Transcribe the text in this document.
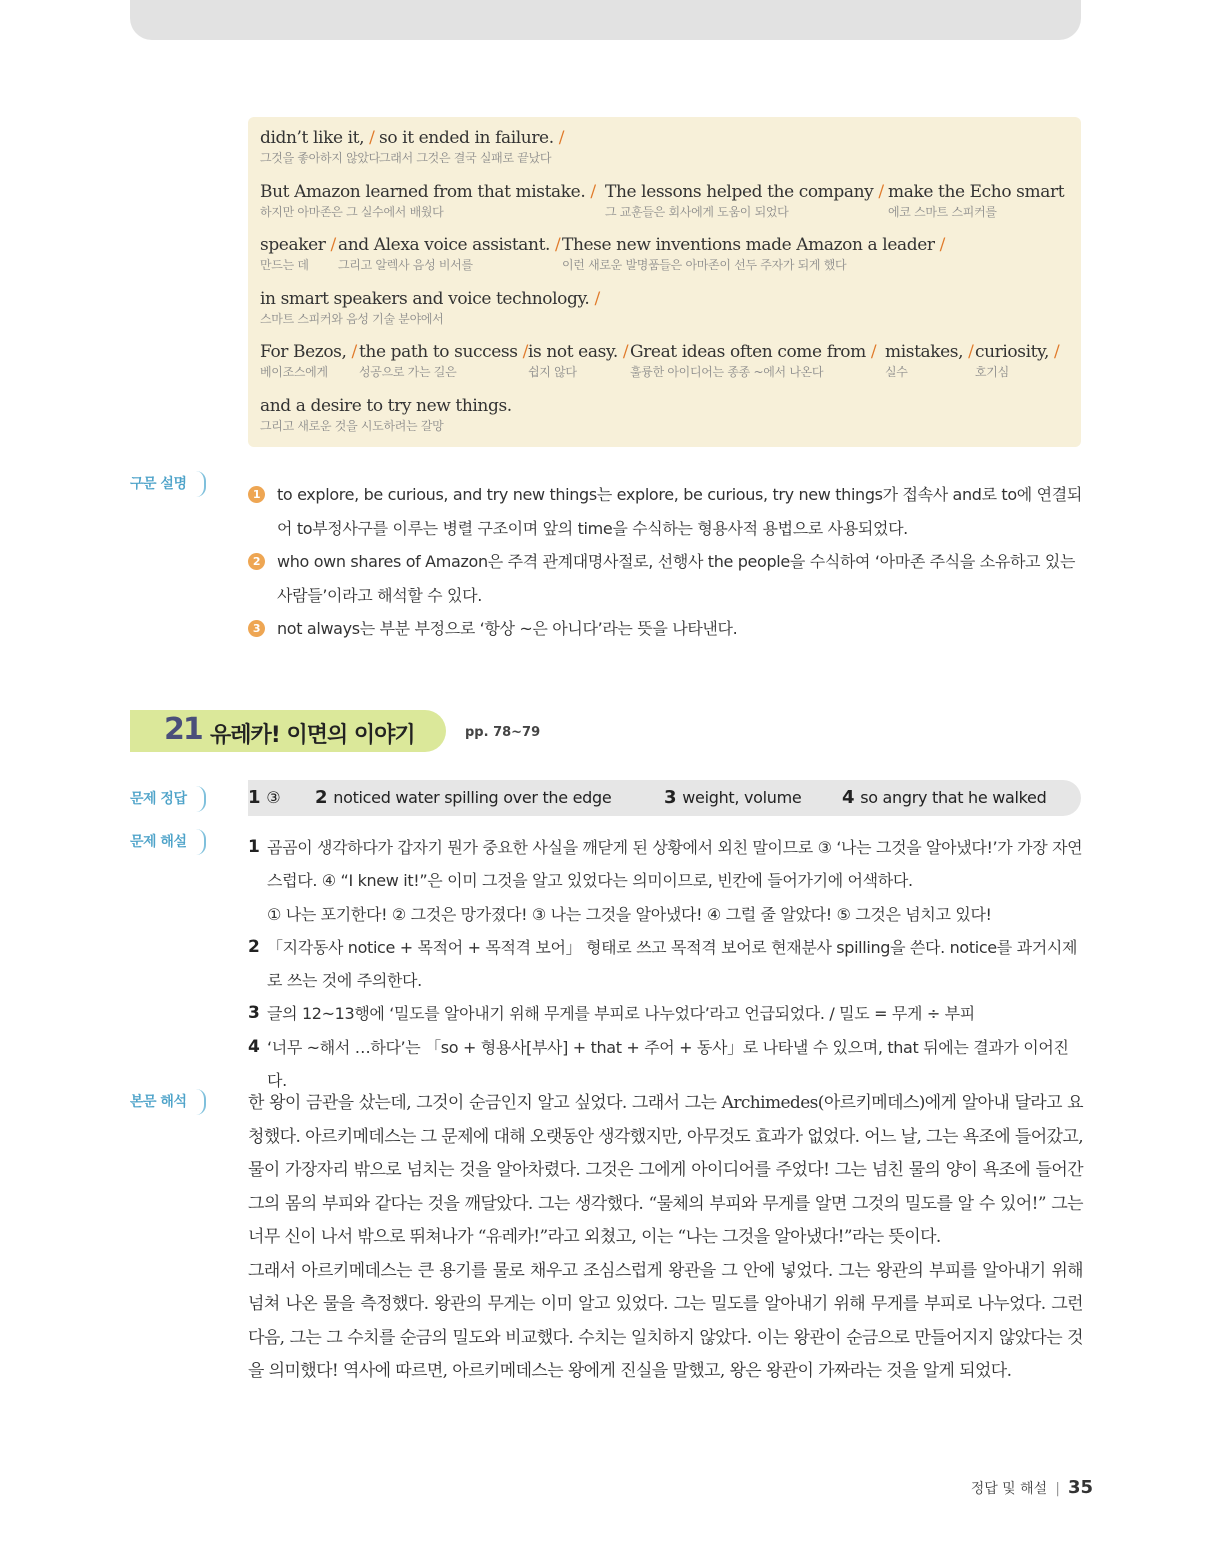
didn’t like it, /
그것을 좋아하지 않았다
so it ended in failure. /
그래서 그것은 결국 실패로 끝났다
But Amazon learned from that mistake. /
하지만 아마존은 그 실수에서 배웠다
The lessons helped the company /
그 교훈들은 회사에게 도움이 되었다
make the Echo smart
에코 스마트 스피커를
speaker /
만드는 데
and Alexa voice assistant. /
그리고 알렉사 음성 비서를
These new inventions made Amazon a leader /
이런 새로운 발명품들은 아마존이 선두 주자가 되게 했다
in smart speakers and voice technology. /
스마트 스피커와 음성 기술 분야에서
For Bezos, /
베이조스에게
the path to success /
성공으로 가는 길은
is not easy. /
쉽지 않다
Great ideas often come from /
훌륭한 아이디어는 종종 ~에서 나온다
mistakes, /
실수
curiosity, /
호기심
and a desire to try new things.
그리고 새로운 것을 시도하려는 갈망
구문 설명
1	to explore, be curious, and try new things는 explore, be curious, try new things가 접속사 and로 to에 연결되어 to부정사구를 이루는 병렬 구조이며 앞의 time을 수식하는 형용사적 용법으로 사용되었다.
2	who own shares of Amazon은 주격 관계대명사절로, 선행사 the people을 수식하여 ‘아마존 주식을 소유하고 있는 사람들’이라고 해석할 수 있다.
3	not always는 부분 부정으로 ‘항상 ~은 아니다’라는 뜻을 나타낸다.
21 유레카! 이면의 이야기	pp. 78~79
문제 정답	1 ③ 2 noticed water spilling over the edge	3 weight, volume 4 so angry that he walked
문제 해설	1 곰곰이 생각하다가 갑자기 뭔가 중요한 사실을 깨닫게 된 상황에서 외친 말이므로 ③ ‘나는 그것을 알아냈다!’가 가장 자연스럽다. ④ “I knew it!”은 이미 그것을 알고 있었다는 의미이므로, 빈칸에 들어가기에 어색하다.
① 나는 포기한다! ② 그것은 망가졌다! ③ 나는 그것을 알아냈다! ④ 그럴 줄 알았다! ⑤ 그것은 넘치고 있다!
2 「지각동사 notice + 목적어 + 목적격 보어」 형태로 쓰고 목적격 보어로 현재분사 spilling을 쓴다. notice를 과거시제로 쓰는 것에 주의한다.
3 글의 12~13행에 ‘밀도를 알아내기 위해 무게를 부피로 나누었다’라고 언급되었다. / 밀도 = 무게 ÷ 부피
4 ‘너무 ~해서 …하다’는 「so + 형용사[부사] + that + 주어 + 동사」로 나타낼 수 있으며, that 뒤에는 결과가 이어진다.
본문 해석	한 왕이 금관을 샀는데, 그것이 순금인지 알고 싶었다. 그래서 그는 Archimedes(아르키메데스)에게 알아내 달라고 요청했다. 아르키메데스는 그 문제에 대해 오랫동안 생각했지만, 아무것도 효과가 없었다. 어느 날, 그는 욕조에 들어갔고, 물이 가장자리 밖으로 넘치는 것을 알아차렸다. 그것은 그에게 아이디어를 주었다! 그는 넘친 물의 양이 욕조에 들어간 그의 몸의 부피와 같다는 것을 깨달았다. 그는 생각했다. “물체의 부피와 무게를 알면 그것의 밀도를 알 수 있어!” 그는 너무 신이 나서 밖으로 뛰쳐나가 “유레카!”라고 외쳤고, 이는 “나는 그것을 알아냈다!”라는 뜻이다.

그래서 아르키메데스는 큰 용기를 물로 채우고 조심스럽게 왕관을 그 안에 넣었다. 그는 왕관의 부피를 알아내기 위해 넘쳐 나온 물을 측정했다. 왕관의 무게는 이미 알고 있었다. 그는 밀도를 알아내기 위해 무게를 부피로 나누었다. 그런 다음, 그는 그 수치를 순금의 밀도와 비교했다. 수치는 일치하지 않았다. 이는 왕관이 순금으로 만들어지지 않았다는 것을 의미했다! 역사에 따르면, 아르키메데스는 왕에게 진실을 말했고, 왕은 왕관이 가짜라는 것을 알게 되었다.

정답 및 해설 | 35
